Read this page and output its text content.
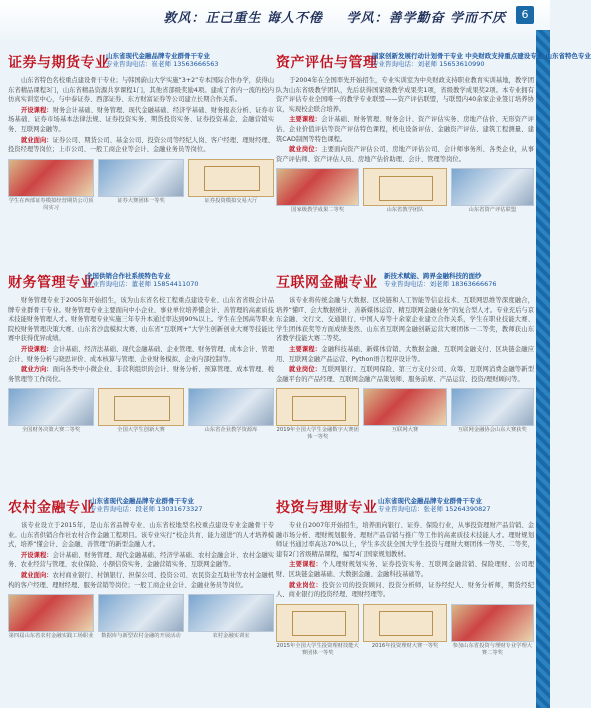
敦风：正己重生 诲人不倦 学风：善学勤奋 学而不厌	6
证券与期货专业
山东省现代金融品牌专业群骨干专业
专业咨询电话：崔老师 13563666563

山东省特色名校重点建设骨干专业；与韩国蔚山大学实施“3+2”专本国际合作办学，获得山东省精品课程3门，山东省精品资源共享课程1门，其他省部级奖励4项。建成了省内一流的校内仿真实训室中心，与中泰证券、西部证券、东方财富证券等公司建立长期合作关系。

开设课程：财务会计基础、财务管理、现代金融基础、经济学基础、财务报表分析、证券市场基础、证券市场基本法律法规、证券投资实务、期货投资实务、证券投资基金、金融营销实务、互联网金融等。

就业面向：证券公司、期货公司、基金公司、投资公司等经纪人岗、客户经理、理财经理、投资经理等岗位；上市公司、一般工商企业等会计、金融业务员等岗位。

学生在西部证券模拟经营期货公司顶岗实习
证券大赛团体一等奖	证券投资模拟交易大厅
财务管理专业
全国供销合作社系统特色专业
专业咨询电话：董老师 15854411070

财务管理专业于2005年开始招生，该为山东省名校工程重点建设专业、山东省省级会计品牌专业群骨干专业。财务管理专业主要面向中小企业、事业单位培养懂会计、善管理的高素质技术技能财务管理人才。财务管理专业实施三年专升本通过率达到90%以上。学生在全国高等职业院校财务管理决策大赛、山东省沙盘模拟大赛、山东省“互联网+”大学生创新创业大赛等技能比赛中获得优异成绩。

开设课程：会计基础、经济法基础、现代金融基础、企业管理、财务管理、成本会计、管理会计、财务分析与晓思评价、成本核算与管理、企业财务模拟、企业内部控制等。

就业方向：面向各类中小微企业、非营利组织的会计、财务分析、预算管理、成本管理、税务管理等工作岗位。

全国财务决策大赛二等奖	全国大学生创新大赛	山东省企业教学资源库
农村金融专业
山东省现代金融品牌专业群骨干专业
专业咨询电话：段老师 13031673327

该专业设立于2015年，是山东省品牌专业、山东省校地型名校重点建设专业金融骨干专业。山东省供销合作社农村合作金融工程项目。该专业实行“校企共育、能力递进”的人才培养模式，培养“懂会计、会金融、善管理”的新型金融人才。

开设课程：会计基础、财务管理、现代金融基础、经济学基础、农村金融会计、农村金融实务、农业经营与管理、农业保险、小额信贷实务、金融营销实务、互联网金融等。

就业面向：农村商业银行、村镇银行、担保公司、投资公司、农民资金互助社等农村金融机构的客户经理、理财经理、服务营销等岗位；一般工商企业会计、金融业务员等岗位。

第四届山东省农村金融实践工场职业	数据库与新型农村金融的开展活动	农村金融实训室
资产评估与管理
国家创新发展行动计划骨干专业 中央财政支持重点建设专业 山东省特色专业
专业咨询电话：刘老师 15653610990

于2004年在全国率先开始招生，专业实训室为中央财政支持职业教育实训基地，教学团队为山东省级教学团队，先后获得国家级教学成果奖1项，省级教学成果奖2项。本专业拥有资产评估专业全国唯一的教学专业联盟——资产评估联盟，与联盟内40余家企业签订培养协议，实现校企联合培养。

主要课程：会计基础、财务管理、财务会计、资产评估实务、房地产估价、无形资产评估、企业价值评估等资产评估特色课程，机电设备评估、金融资产评估、建筑工程测量、建筑CAD制图等特色课程。

就业岗位：主要面向资产评估公司、房地产评估公司、会计师事务所、各类企业，从事资产评估师、资产评估人员、房地产估价助理、会计、管理等岗位。

国家级教学成果二等奖	山东省教学团队	山东省资产评估联盟
互联网金融专业 新技术赋能、跨界金融科技的面纱
专业咨询电话：刘老师 18363666676

该专业将传统金融与大数据、区块链和人工智能等信息技术、互联网思维等深度融合，培养“懂IT、会大数据统计、善新媒体运营、精互联网金融业务”的复合型人才。专业充后与京东金融、文行文、交通银行、中国人寿等十余家企业建立合作关系，学生在职业技能大赛、学生团体获奖等方面成绩斐然、山东省互联网金融创新运营大赛团体一二等奖，教师获山东省教学技能大赛二等奖。

主要课程：金融科技基础、新媒体营销、大数据金融、互联网金融支付、区块链金融应用、互联网金融产品运营、Python语言程序设计等。

就业岗位：互联网银行、互联网保险、第三方支付公司、众筹、互联网消费金融等新型金融平台的产品经理、互联网金融产品策划师、服务前席、产品运营、投资/理财顾问等。

2019年全国大学生金融数字大赛团体一等奖
互联网大赛	互联网金融协会山东大赛获奖
投资与理财专业 山东省现代金融品牌专业群骨干专业
专业咨询电话：张老师 15264390827

专业自2007年开始招生，培养面向银行、证券、保险行业，从事投资理财产品营销、金融市场分析、理财规划服务、理财产品营销与推广等工作的高素质技术技能人才。理财规划师证书通过率高达70%以上，学生多次获全国大学生投资与理财大赛团体一等奖、二等奖，建有2门省级精品课程，编写4门国家规划教材。

主要课程：个人理财规划实务、证券投资实务、互联网金融营销、保险理财、公司理财、区块链金融基础、大数据金融、金融科技基础等。

就业岗位：投资公司的投资顾问、投资分析师，证券经纪人、财务分析师，期货经纪人、商业银行的投资经理、理财经理等。

2015年全国大学生投资理财技能大赛团体一等奖
2016年投资理财大赛一等奖	参加山东省投资与理财专业学理大赛二等奖
